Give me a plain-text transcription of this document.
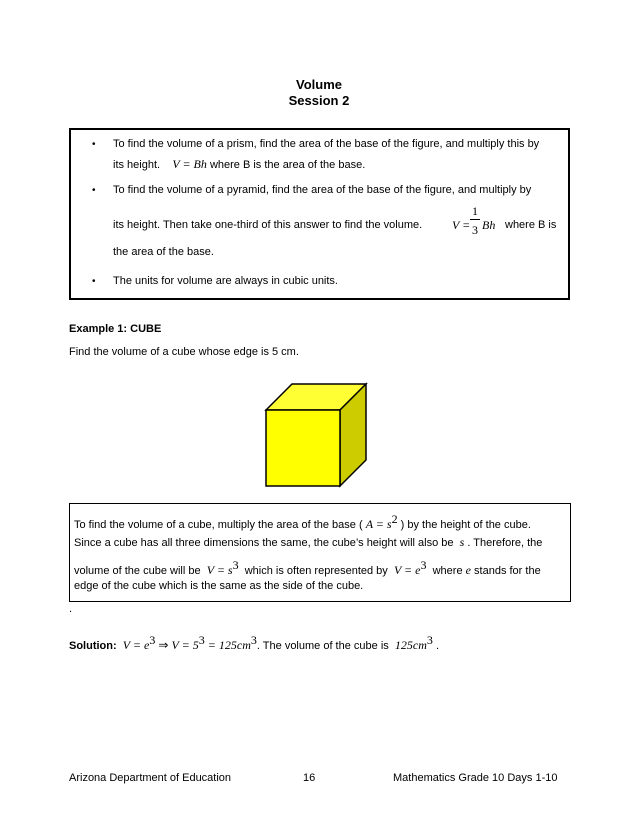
Volume
Session 2
• To find the volume of a prism, find the area of the base of the figure, and multiply this by
its height. V = Bh where B is the area of the base.
• To find the volume of a pyramid, find the area of the base of the figure, and multiply by
its height. Then take one-third of this answer to find the volume. V =
1
3 Bh where B is
the area of the base.
• The units for volume are always in cubic units.
Example 1: CUBE
Find the volume of a cube whose edge is 5 cm.
To find the volume of a cube, multiply the area of the base ( $A = s^2$ ) by the height of the cube.
Since a cube has all three dimensions the same, the cube’s height will also be s . Therefore, the
volume of the cube will be $V = s^3$ which is often represented by $V = e^3$ where e stands for the
edge of the cube which is the same as the side of the cube.
.
Solution: $V = e^3$ ⇒ $V = 5^3 = 125cm^3$. The volume of the cube is $125cm^3$ .
Arizona Department of Education	16	Mathematics Grade 10 Days 1-10
